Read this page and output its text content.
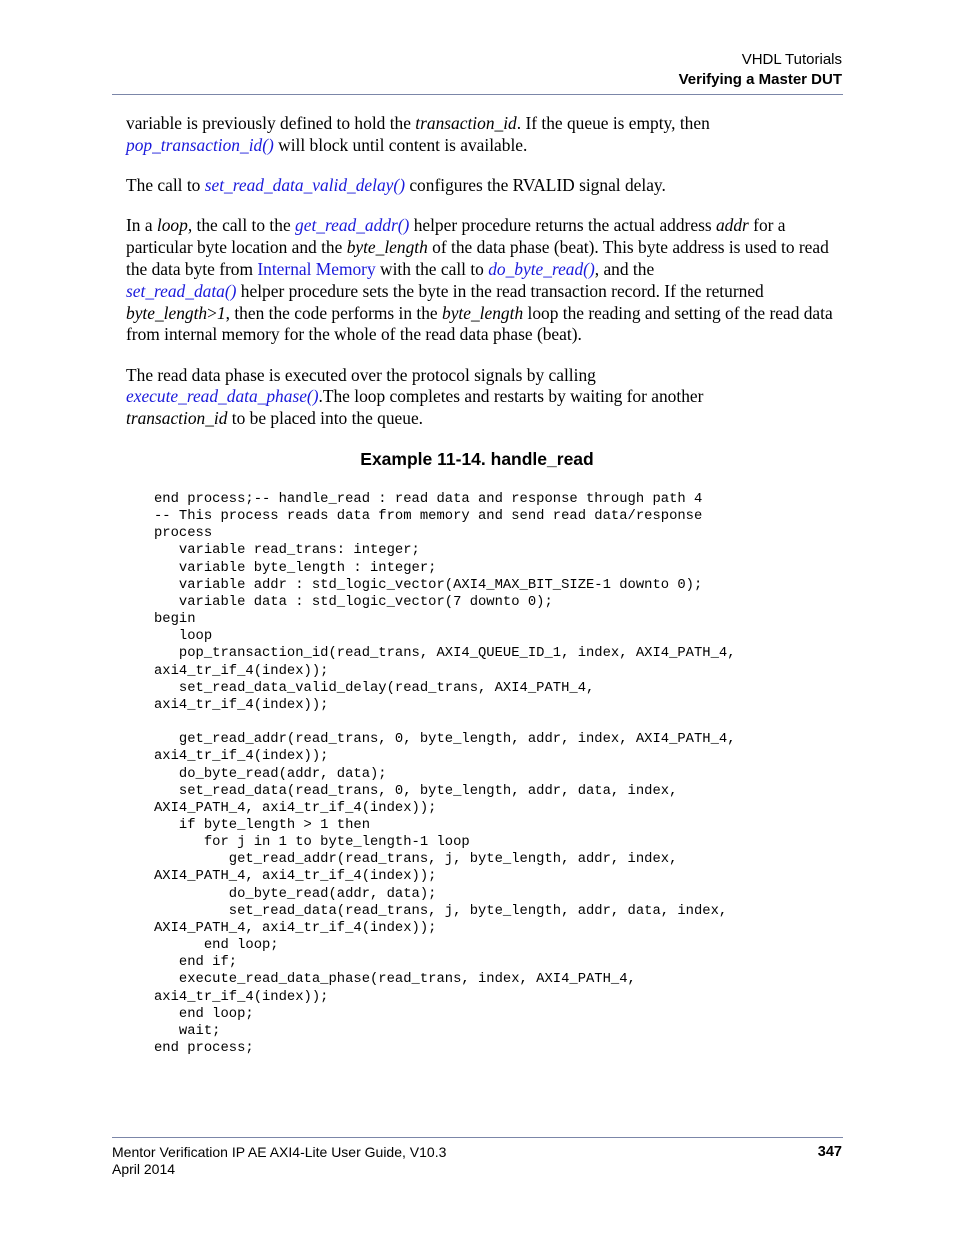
VHDL Tutorials
Verifying a Master DUT

variable is previously defined to hold the transaction_id. If the queue is empty, then
pop_transaction_id() will block until content is available.

The call to set_read_data_valid_delay() configures the RVALID signal delay.

In a loop, the call to the get_read_addr() helper procedure returns the actual address addr for a particular byte location and the byte_length of the data phase (beat). This byte address is used to read the data byte from Internal Memory with the call to do_byte_read(), and the
set_read_data() helper procedure sets the byte in the read transaction record. If the returned
byte_length>1, then the code performs in the byte_length loop the reading and setting of the read data from internal memory for the whole of the read data phase (beat).

The read data phase is executed over the protocol signals by calling
execute_read_data_phase().The loop completes and restarts by waiting for another
transaction_id to be placed into the queue.

Example 11-14. handle_read
end process;-- handle_read : read data and response through path 4
-- This process reads data from memory and send read data/response
process
variable read_trans: integer;
variable byte_length : integer;
variable addr : std_logic_vector(AXI4_MAX_BIT_SIZE-1 downto 0);
variable data : std_logic_vector(7 downto 0);
begin
loop
pop_transaction_id(read_trans, AXI4_QUEUE_ID_1, index, AXI4_PATH_4,
axi4_tr_if_4(index));
set_read_data_valid_delay(read_trans, AXI4_PATH_4,
axi4_tr_if_4(index));

get_read_addr(read_trans, 0, byte_length, addr, index, AXI4_PATH_4,
axi4_tr_if_4(index));
do_byte_read(addr, data);
set_read_data(read_trans, 0, byte_length, addr, data, index,
AXI4_PATH_4, axi4_tr_if_4(index));
if byte_length > 1 then
for j in 1 to byte_length-1 loop
get_read_addr(read_trans, j, byte_length, addr, index,
AXI4_PATH_4, axi4_tr_if_4(index));
do_byte_read(addr, data);
set_read_data(read_trans, j, byte_length, addr, data, index,
AXI4_PATH_4, axi4_tr_if_4(index));
end loop;
end if;
execute_read_data_phase(read_trans, index, AXI4_PATH_4,
axi4_tr_if_4(index));
end loop;
wait;
end process;
Mentor Verification IP AE AXI4-Lite User Guide, V10.3
April 2014
347
